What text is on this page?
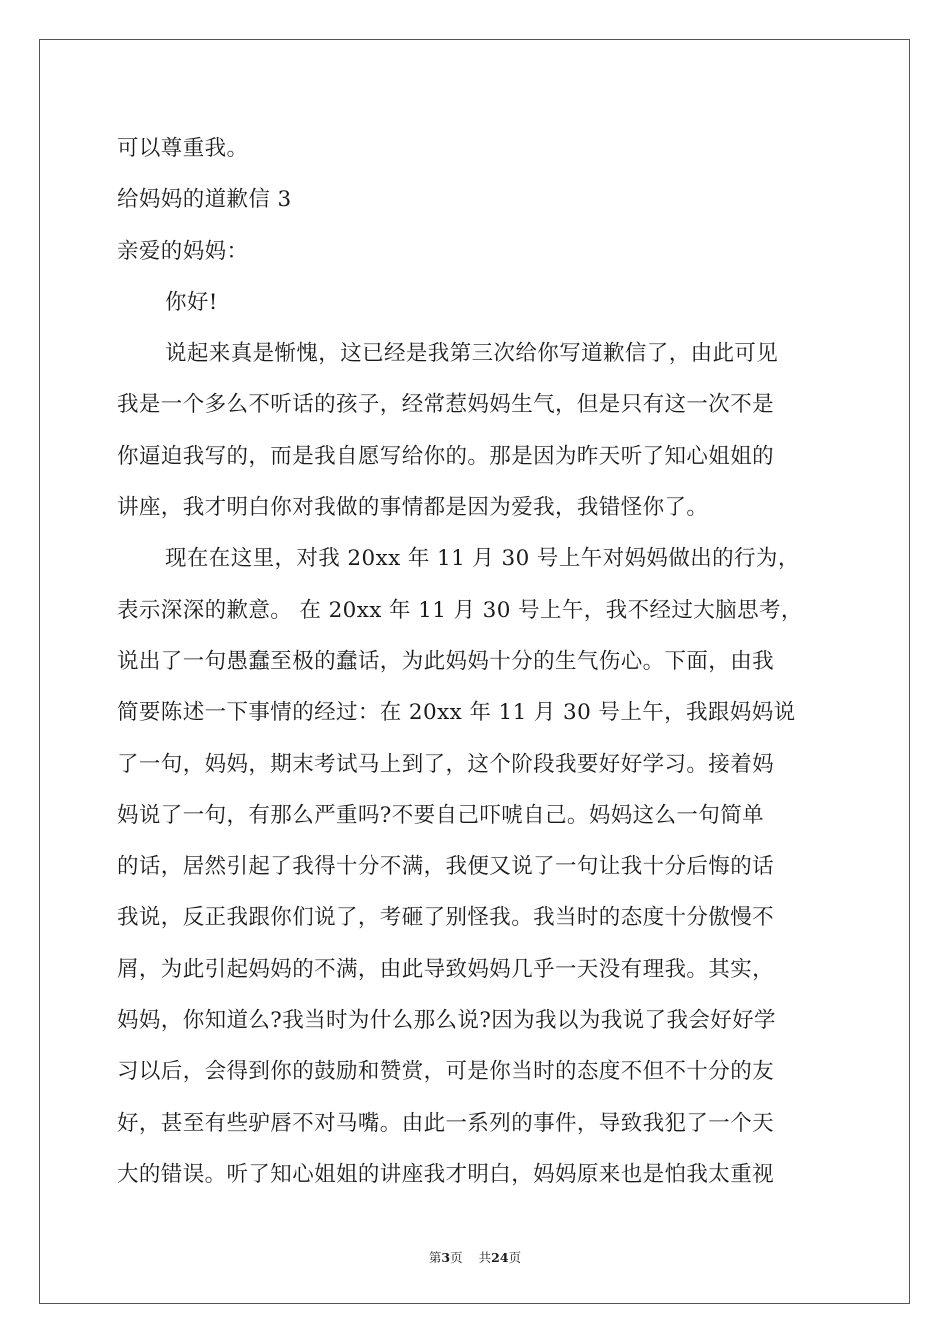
可以尊重我。
给妈妈的道歉信 3
亲爱的妈妈：
你好!
说起来真是惭愧，这已经是我第三次给你写道歉信了，由此可见
我是一个多么不听话的孩子，经常惹妈妈生气，但是只有这一次不是
你逼迫我写的，而是我自愿写给你的。那是因为昨天听了知心姐姐的
讲座，我才明白你对我做的事情都是因为爱我，我错怪你了。
现在在这里，对我 20xx 年 11 月 30 号上午对妈妈做出的行为，
表示深深的歉意。 在 20xx 年 11 月 30 号上午，我不经过大脑思考，
说出了一句愚蠢至极的蠢话，为此妈妈十分的生气伤心。下面，由我
简要陈述一下事情的经过：在 20xx 年 11 月 30 号上午，我跟妈妈说
了一句，妈妈，期末考试马上到了，这个阶段我要好好学习。接着妈
妈说了一句，有那么严重吗?不要自己吓唬自己。妈妈这么一句简单
的话，居然引起了我得十分不满，我便又说了一句让我十分后悔的话
我说，反正我跟你们说了，考砸了别怪我。我当时的态度十分傲慢不
屑，为此引起妈妈的不满，由此导致妈妈几乎一天没有理我。其实，
妈妈，你知道么?我当时为什么那么说?因为我以为我说了我会好好学
习以后，会得到你的鼓励和赞赏，可是你当时的态度不但不十分的友
好，甚至有些驴唇不对马嘴。由此一系列的事件，导致我犯了一个天
大的错误。听了知心姐姐的讲座我才明白，妈妈原来也是怕我太重视
第3页 共24页
